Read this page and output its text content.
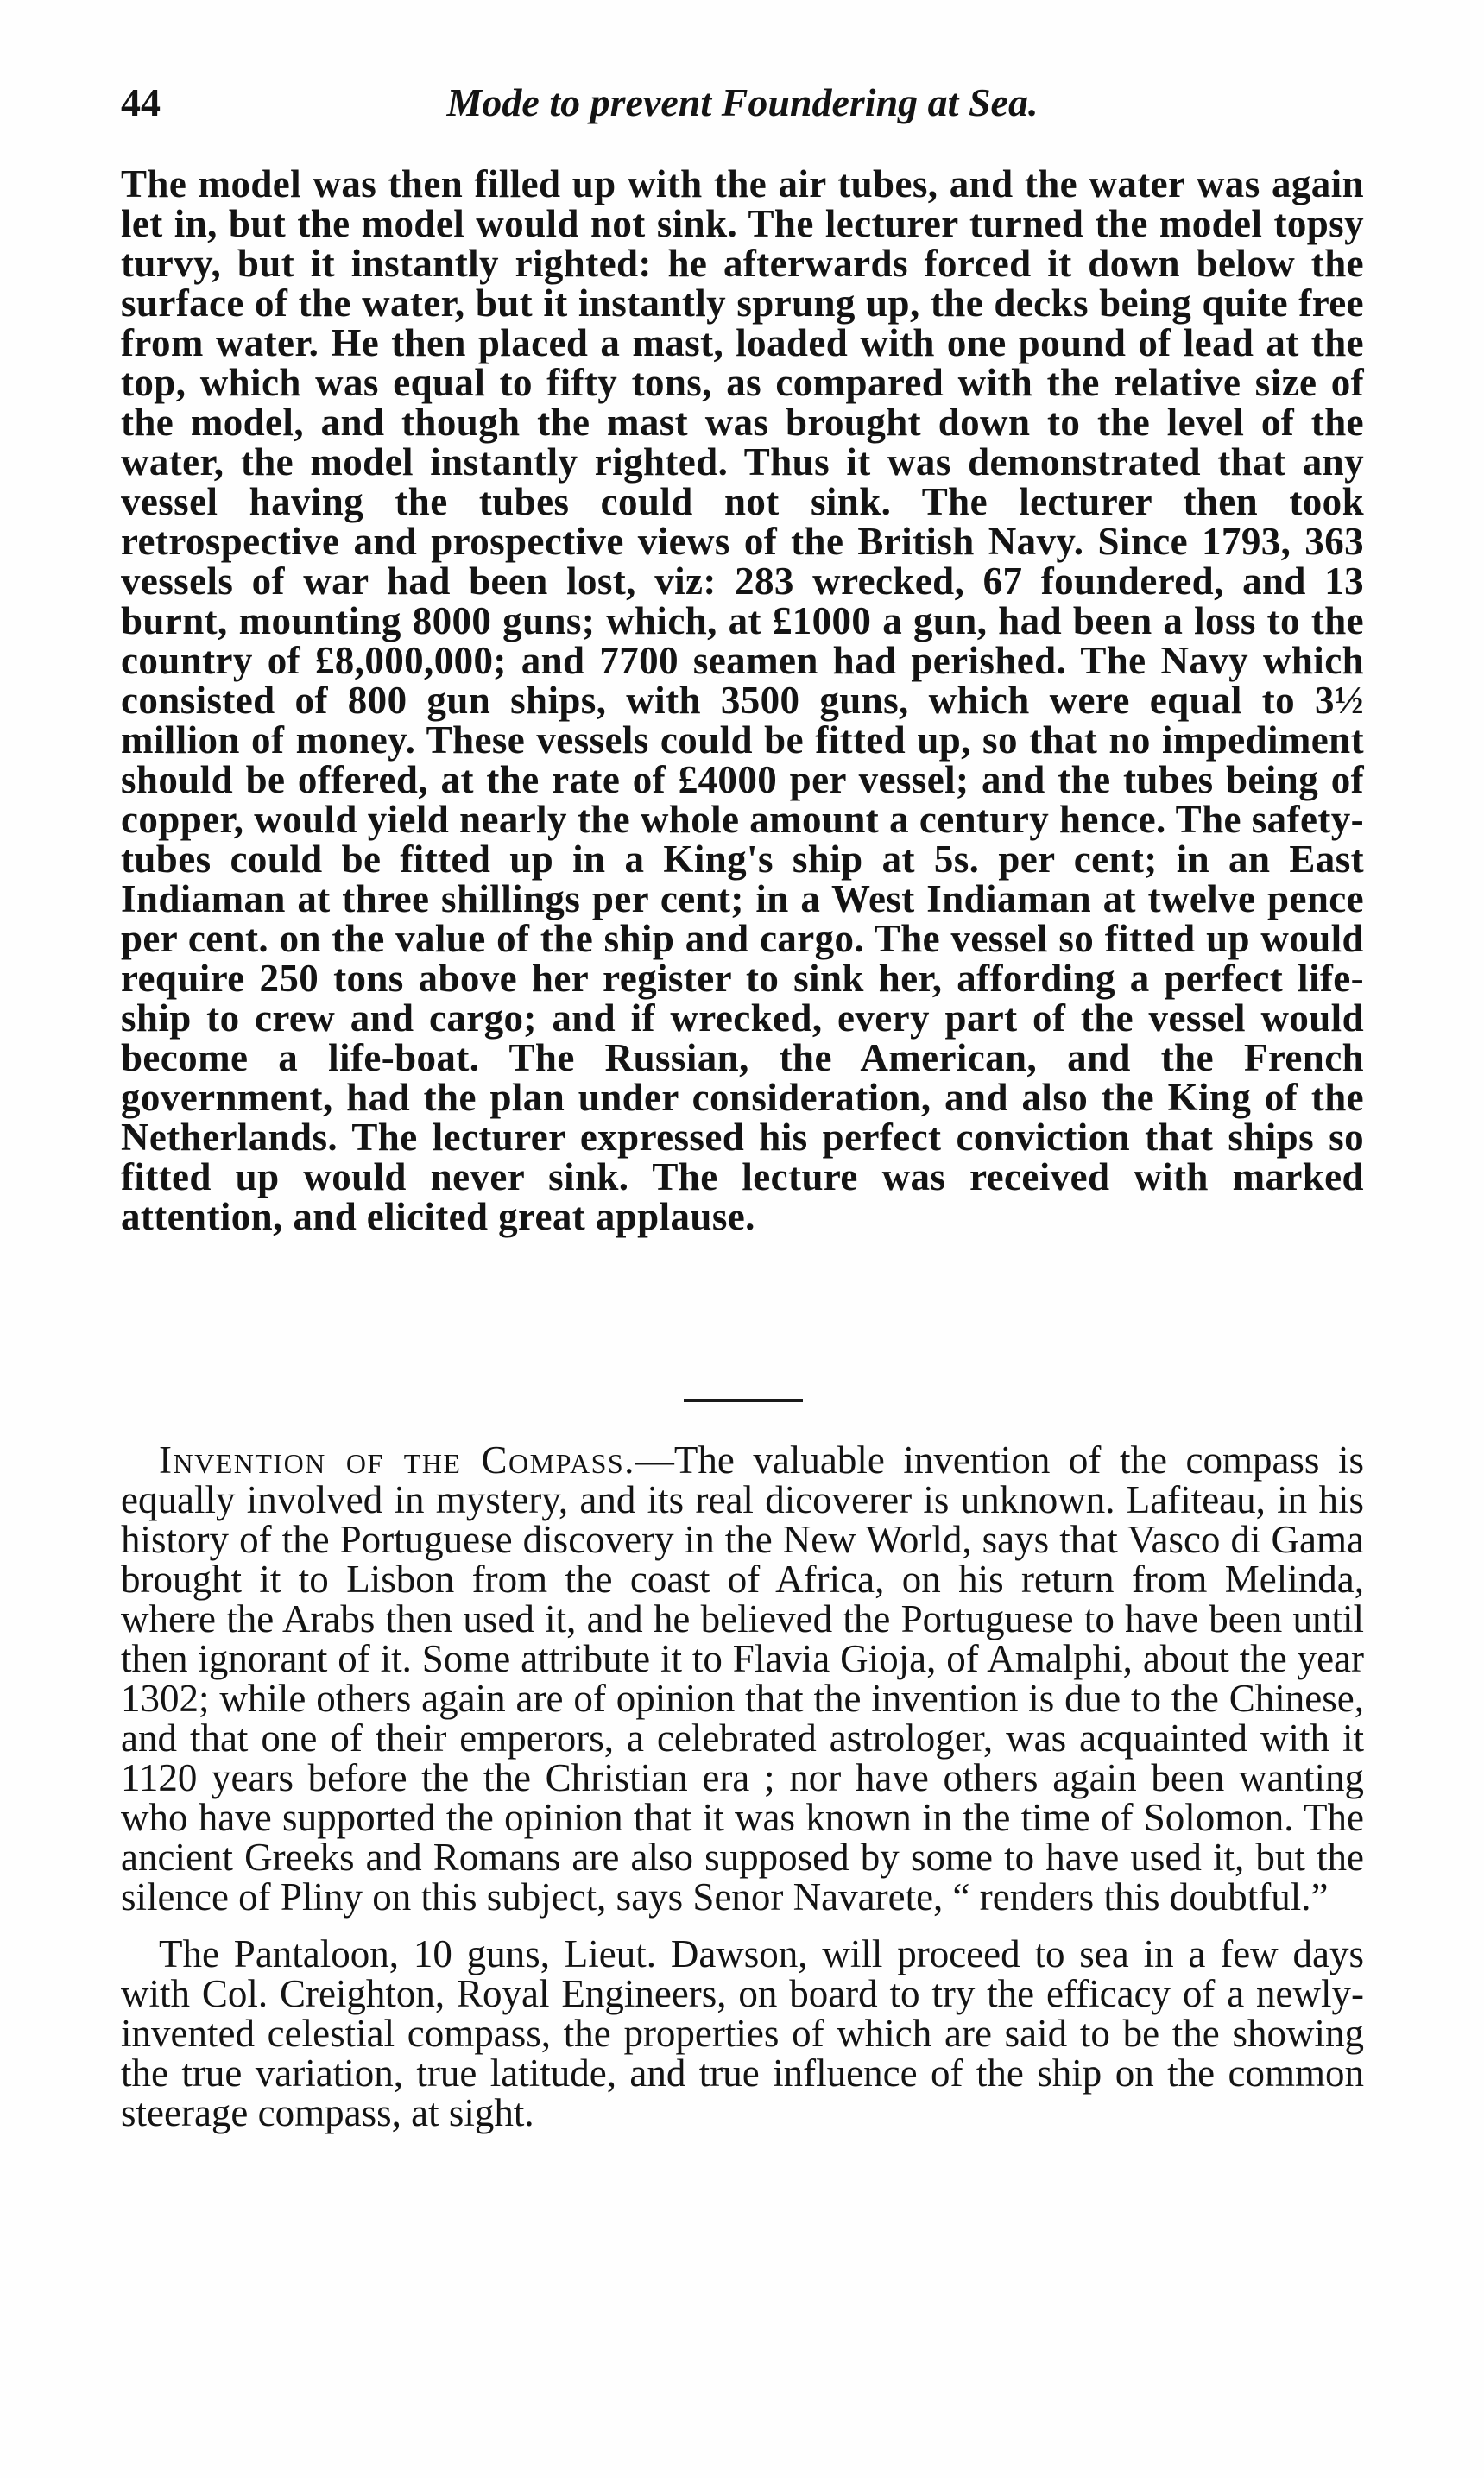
44	Mode to prevent Foundering at Sea.

The model was then filled up with the air tubes, and the water was again let in, but the model would not sink. The lecturer turned the model topsy turvy, but it instantly righted: he afterwards forced it down below the surface of the water, but it instantly sprung up, the decks being quite free from water. He then placed a mast, loaded with one pound of lead at the top, which was equal to fifty tons, as compared with the relative size of the model, and though the mast was brought down to the level of the water, the model instantly righted. Thus it was demonstrated that any vessel having the tubes could not sink. The lecturer then took retrospective and prospective views of the British Navy. Since 1793, 363 vessels of war had been lost, viz: 283 wrecked, 67 foundered, and 13 burnt, mounting 8000 guns; which, at £1000 a gun, had been a loss to the country of £8,000,000; and 7700 seamen had perished. The Navy which consisted of 800 gun ships, with 3500 guns, which were equal to 3½ million of money. These vessels could be fitted up, so that no impediment should be offered, at the rate of £4000 per vessel; and the tubes being of copper, would yield nearly the whole amount a century hence. The safety-tubes could be fitted up in a King's ship at 5s. per cent; in an East Indiaman at three shillings per cent; in a West Indiaman at twelve pence per cent. on the value of the ship and cargo. The vessel so fitted up would require 250 tons above her register to sink her, affording a perfect life-ship to crew and cargo; and if wrecked, every part of the vessel would become a life-boat. The Russian, the American, and the French government, had the plan under consideration, and also the King of the Netherlands. The lecturer expressed his perfect conviction that ships so fitted up would never sink. The lecture was received with marked attention, and elicited great applause.

Invention of the Compass.—The valuable invention of the compass is equally involved in mystery, and its real dicoverer is unknown. Lafiteau, in his history of the Portuguese discovery in the New World, says that Vasco di Gama brought it to Lisbon from the coast of Africa, on his return from Melinda, where the Arabs then used it, and he believed the Portuguese to have been until then ignorant of it. Some attribute it to Flavia Gioja, of Amalphi, about the year 1302; while others again are of opinion that the invention is due to the Chinese, and that one of their emperors, a celebrated astrologer, was acquainted with it 1120 years before the the Christian era ; nor have others again been wanting who have supported the opinion that it was known in the time of Solomon. The ancient Greeks and Romans are also supposed by some to have used it, but the silence of Pliny on this subject, says Senor Navarete, “ renders this doubtful.”

The Pantaloon, 10 guns, Lieut. Dawson, will proceed to sea in a few days with Col. Creighton, Royal Engineers, on board to try the efficacy of a newly-invented celestial compass, the properties of which are said to be the showing the true variation, true latitude, and true influence of the ship on the common steerage compass, at sight.
